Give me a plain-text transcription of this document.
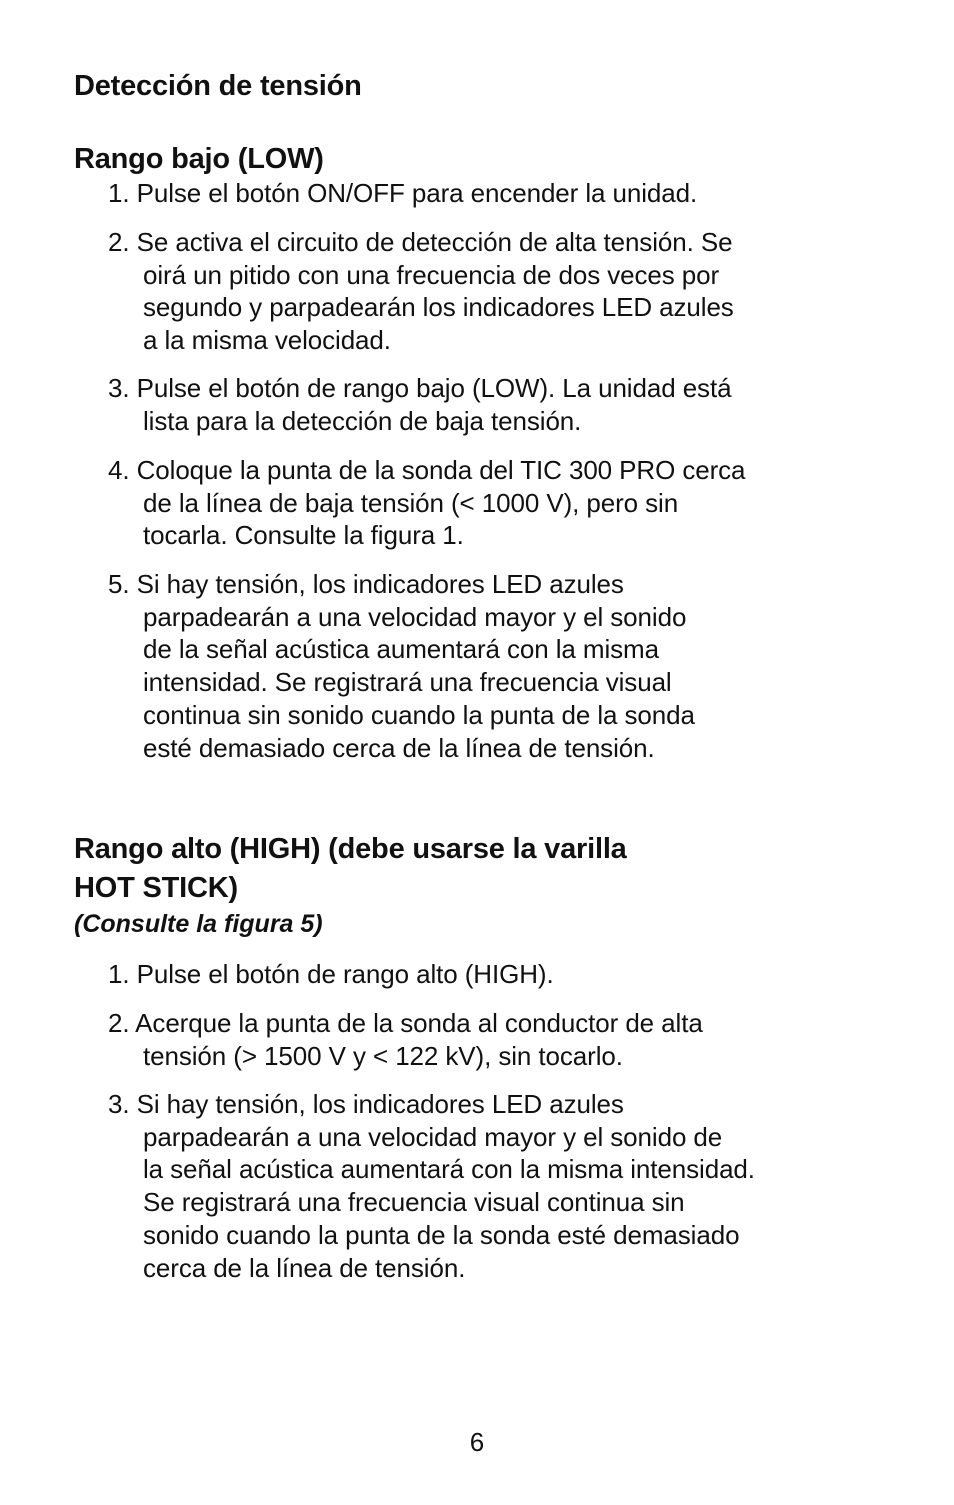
Detección de tensión
Rango bajo (LOW)

1. Pulse el botón ON/OFF para encender la unidad.

2. Se activa el circuito de detección de alta tensión. Se
oirá un pitido con una frecuencia de dos veces por
segundo y parpadearán los indicadores LED azules
a la misma velocidad.

3. Pulse el botón de rango bajo (LOW). La unidad está
lista para la detección de baja tensión.

4. Coloque la punta de la sonda del TIC 300 PRO cerca
de la línea de baja tensión (< 1000 V), pero sin
tocarla. Consulte la figura 1.

5. Si hay tensión, los indicadores LED azules
parpadearán a una velocidad mayor y el sonido
de la señal acústica aumentará con la misma
intensidad. Se registrará una frecuencia visual
continua sin sonido cuando la punta de la sonda
esté demasiado cerca de la línea de tensión.

Rango alto (HIGH) (debe usarse la varilla
HOT STICK)

(Consulte la figura 5)

1. Pulse el botón de rango alto (HIGH).

2. Acerque la punta de la sonda al conductor de alta
tensión (> 1500 V y < 122 kV), sin tocarlo.

3. Si hay tensión, los indicadores LED azules
parpadearán a una velocidad mayor y el sonido de
la señal acústica aumentará con la misma intensidad.
Se registrará una frecuencia visual continua sin
sonido cuando la punta de la sonda esté demasiado
cerca de la línea de tensión.

6
